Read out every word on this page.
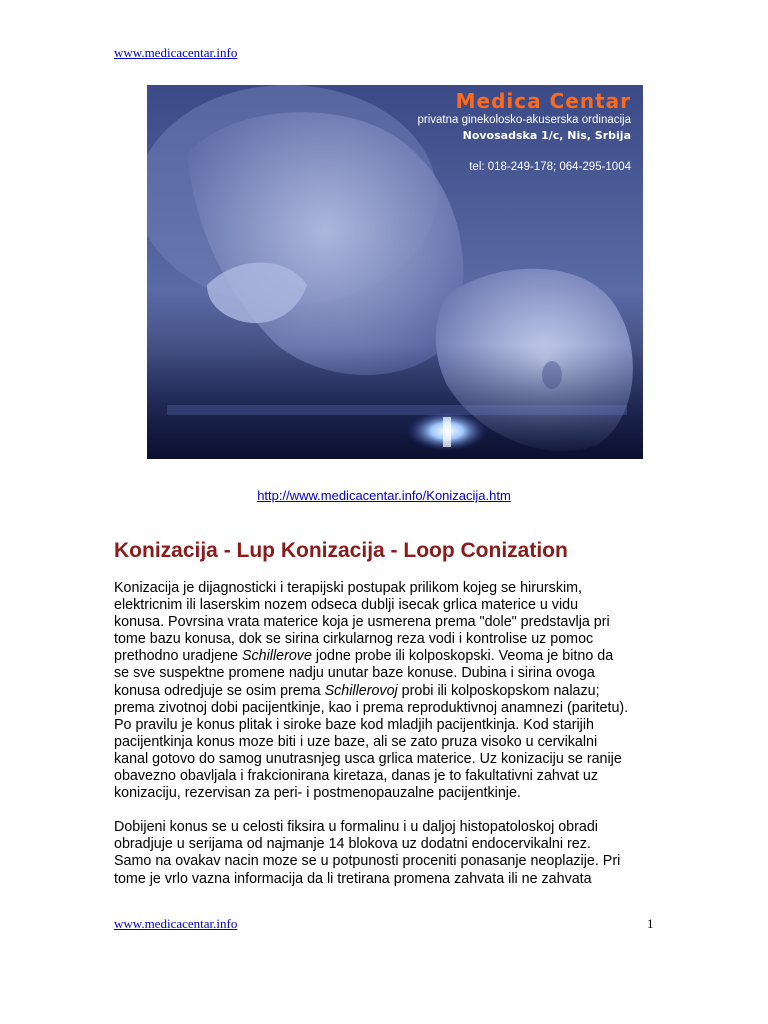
www.medicacentar.info
Medica Centar
privatna ginekolosko-akuserska ordinacija
Novosadska 1/c, Nis, Srbija
tel: 018-249-178; 064-295-1004
http://www.medicacentar.info/Konizacija.htm
Konizacija - Lup Konizacija - Loop Conization

Konizacija je dijagnosticki i terapijski postupak prilikom kojeg se hirurskim,
elektricnim ili laserskim nozem odseca dublji isecak grlica materice u vidu
konusa. Povrsina vrata materice koja je usmerena prema "dole" predstavlja pri
tome bazu konusa, dok se sirina cirkularnog reza vodi i kontrolise uz pomoc
prethodno uradjene Schillerove jodne probe ili kolposkopski. Veoma je bitno da
se sve suspektne promene nadju unutar baze konuse. Dubina i sirina ovoga
konusa odredjuje se osim prema Schillerovoj probi ili kolposkopskom nalazu;
prema zivotnoj dobi pacijentkinje, kao i prema reproduktivnoj anamnezi (paritetu).
Po pravilu je konus plitak i siroke baze kod mladjih pacijentkinja. Kod starijih
pacijentkinja konus moze biti i uze baze, ali se zato pruza visoko u cervikalni
kanal gotovo do samog unutrasnjeg usca grlica materice. Uz konizaciju se ranije
obavezno obavljala i frakcionirana kiretaza, danas je to fakultativni zahvat uz
konizaciju, rezervisan za peri- i postmenopauzalne pacijentkinje.

Dobijeni konus se u celosti fiksira u formalinu i u daljoj histopatoloskoj obradi
obradjuje u serijama od najmanje 14 blokova uz dodatni endocervikalni rez.
Samo na ovakav nacin moze se u potpunosti proceniti ponasanje neoplazije. Pri
tome je vrlo vazna informacija da li tretirana promena zahvata ili ne zahvata

www.medicacentar.info	1
